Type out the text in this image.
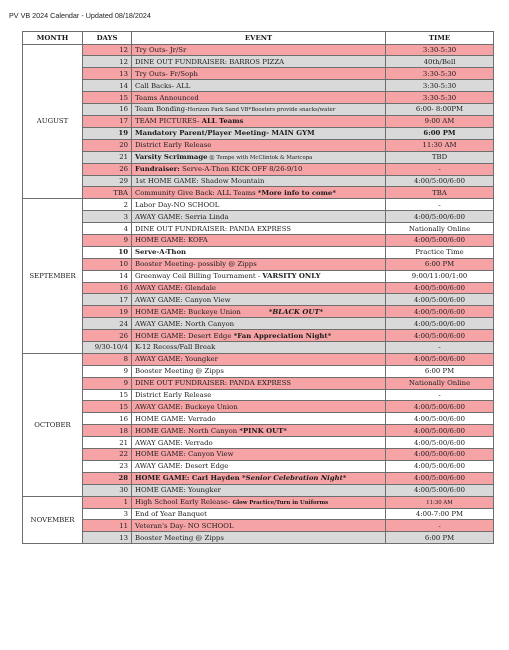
PV VB 2024 Calendar - Updated 08/18/2024
MONTH	DAYS	EVENT	TIME
AUGUST	12	Try Outs- Jr/Sr	3:30-5:30
	12	DINE OUT FUNDRAISER: BARROS PIZZA	40th/Bell
	13	Try Outs- Fr/Soph	3:30-5:30
	14	Call Backs- ALL	3:30-5:30
	15	Teams Announced	3:30-5:30
	16	Team Bonding-Horizon Park Sand VB*Boosters provide snacks/water	6:00- 8:00PM
	17	TEAM PICTURES- ALL Teams	9:00 AM
	19	Mandatory Parent/Player Meeting- MAIN GYM	6:00 PM
	20	District Early Release	11:30 AM
	21	Varsity Scrimmage @ Tempe with McClintok & Maricopa	TBD
	26	Fundraiser: Serve-A-Thon KICK OFF 8/26-9/10	-
	29	1st HOME GAME: Shadow Mountain	4:00/5:00/6:00
	TBA	Community Give Back: ALL Teams *More info to come*	TBA
SEPTEMBER	2	Labor Day-NO SCHOOL	-
	3	AWAY GAME: Serria Linda	4:00/5:00/6:00
	4	DINE OUT FUNDRAISER: PANDA EXPRESS	Nationally Online
	9	HOME GAME: KOFA	4:00/5:00/6:00
	10	Serve-A-Thon	Practice Time
	10	Booster Meeting- possibly @ Zipps	6:00 PM
	14	Greenway Ceil Billing Tournament - VARSITY ONLY	9:00/11:00/1:00
	16	AWAY GAME: Glendale	4:00/5:00/6:00
	17	AWAY GAME: Canyon View	4:00/5:00/6:00
	19	HOME GAME: Buckeye Union *BLACK OUT*	4:00/5:00/6:00
	24	AWAY GAME: North Canyon	4:00/5:00/6:00
	26	HOME GAME: Desert Edge *Fan Appreciation Night*	4:00/5:00/6:00
	9/30-10/4	K-12 Recess/Fall Break	-
OCTOBER	8	AWAY GAME: Youngker	4:00/5:00/6:00
	9	Booster Meeting @ Zipps	6:00 PM
	9	DINE OUT FUNDRAISER: PANDA EXPRESS	Nationally Online
	15	District Early Release	-
	15	AWAY GAME: Buckeye Union	4:00/5:00/6:00
	16	HOME GAME: Verrado	4:00/5:00/6:00
	18	HOME GAME: North Canyon *PINK OUT*	4:00/5:00/6:00
	21	AWAY GAME: Verrado	4:00/5:00/6:00
	22	HOME GAME: Canyon View	4:00/5:00/6:00
	23	AWAY GAME: Desert Edge	4:00/5:00/6:00
	28	HOME GAME: Carl Hayden *Senior Celebration Night*	4:00/5:00/6:00
	30	HOME GAME: Youngker	4:00/5:00/6:00
NOVEMBER	1	High School Early Release- Glow Practice/Turn in Uniforms	11:30 AM
	3	End of Year Banquet	4:00-7:00 PM
	11	Veteran's Day- NO SCHOOL	-
	13	Booster Meeting @ Zipps	6:00 PM
